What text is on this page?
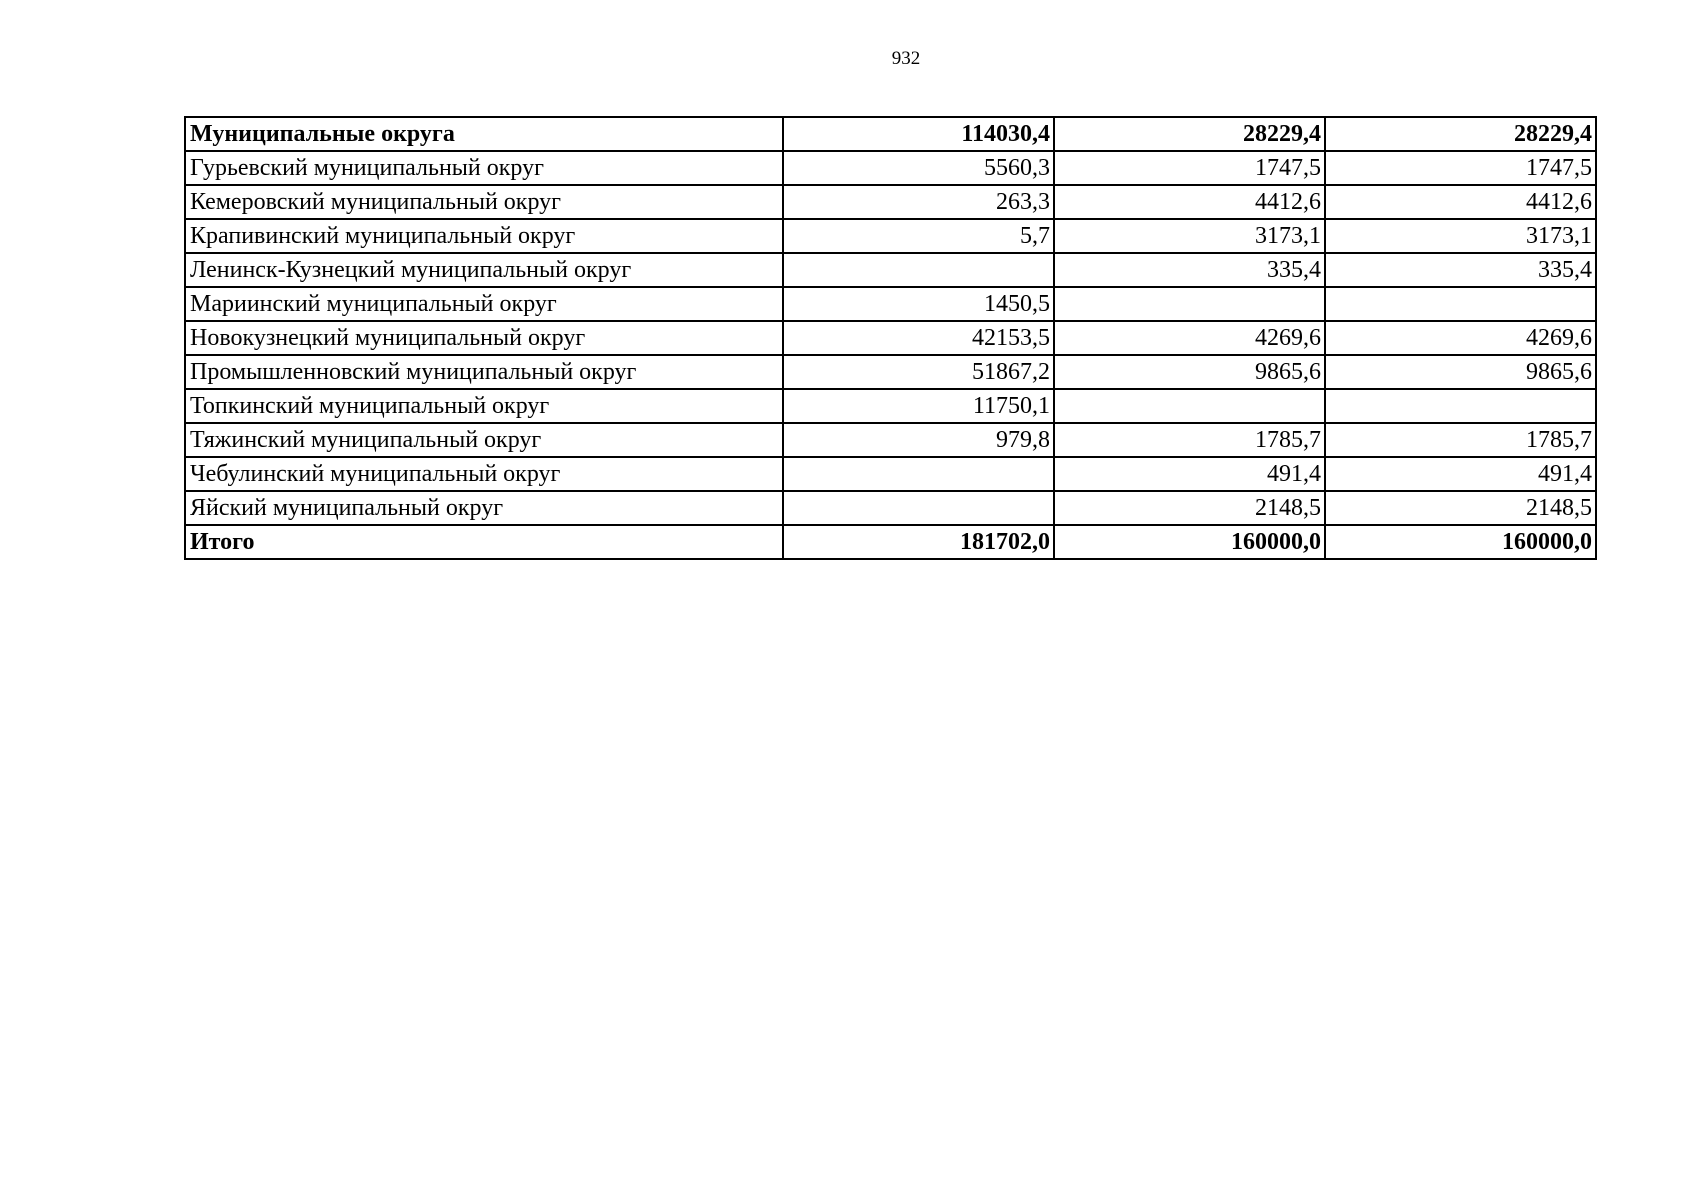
932
Муниципальные округа	114030,4	28229,4	28229,4
Гурьевский муниципальный округ	5560,3	1747,5	1747,5
Кемеровский муниципальный округ	263,3	4412,6	4412,6
Крапивинский муниципальный округ	5,7	3173,1	3173,1
Ленинск-Кузнецкий муниципальный округ		335,4	335,4
Мариинский муниципальный округ	1450,5		
Новокузнецкий муниципальный округ	42153,5	4269,6	4269,6
Промышленновский муниципальный округ	51867,2	9865,6	9865,6
Топкинский муниципальный округ	11750,1		
Тяжинский муниципальный округ	979,8	1785,7	1785,7
Чебулинский муниципальный округ		491,4	491,4
Яйский муниципальный округ		2148,5	2148,5
Итого	181702,0	160000,0	160000,0
